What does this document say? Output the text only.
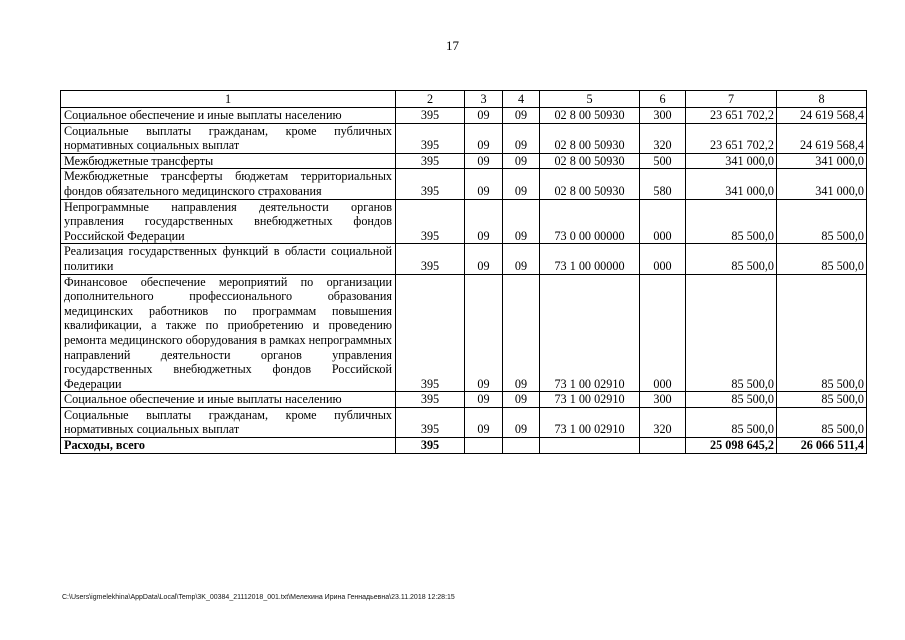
17
1	2	3	4	5	6	7	8
Социальное обеспечение и иные выплаты населению	395	09	09	02 8 00 50930	300	23 651 702,2	24 619 568,4
Социальные выплаты гражданам, кроме публичных нормативных социальных выплат	395	09	09	02 8 00 50930	320	23 651 702,2	24 619 568,4
Межбюджетные трансферты	395	09	09	02 8 00 50930	500	341 000,0	341 000,0
Межбюджетные трансферты бюджетам территориальных фондов обязательного медицинского страхования	395	09	09	02 8 00 50930	580	341 000,0	341 000,0
Непрограммные направления деятельности органов управления государственных внебюджетных фондов Российской Федерации	395	09	09	73 0 00 00000	000	85 500,0	85 500,0
Реализация государственных функций в области социальной политики	395	09	09	73 1 00 00000	000	85 500,0	85 500,0
Финансовое обеспечение мероприятий по организации дополнительного профессионального образования медицинских работников по программам повышения квалификации, а также по приобретению и проведению ремонта медицинского оборудования в рамках непрограммных направлений деятельности органов управления государственных внебюджетных фондов Российской Федерации	395	09	09	73 1 00 02910	000	85 500,0	85 500,0
Социальное обеспечение и иные выплаты населению	395	09	09	73 1 00 02910	300	85 500,0	85 500,0
Социальные выплаты гражданам, кроме публичных нормативных социальных выплат	395	09	09	73 1 00 02910	320	85 500,0	85 500,0
Расходы, всего	395					25 098 645,2	26 066 511,4
C:\Users\igmelekhina\AppData\Local\Temp\3K_00384_21112018_001.txt\Мелехина Ирина Геннадьевна\23.11.2018 12:28:15
